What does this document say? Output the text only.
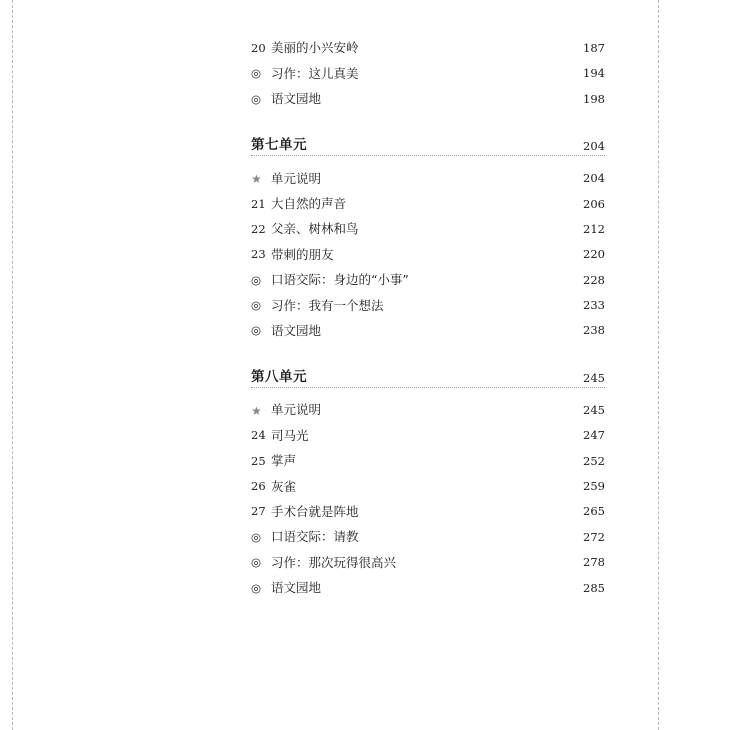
20 美丽的小兴安岭	187
◎ 习作：这儿真美	194
◎ 语文园地	198
第七单元	204
★ 单元说明	204
21 大自然的声音	206
22 父亲、树林和鸟	212
23 带刺的朋友	220
◎ 口语交际：身边的“小事”	228
◎ 习作：我有一个想法	233
◎ 语文园地	238
第八单元	245
★ 单元说明	245
24 司马光	247
25 掌声	252
26 灰雀	259
27 手术台就是阵地	265
◎ 口语交际：请教	272
◎ 习作：那次玩得很高兴	278
◎ 语文园地	285
